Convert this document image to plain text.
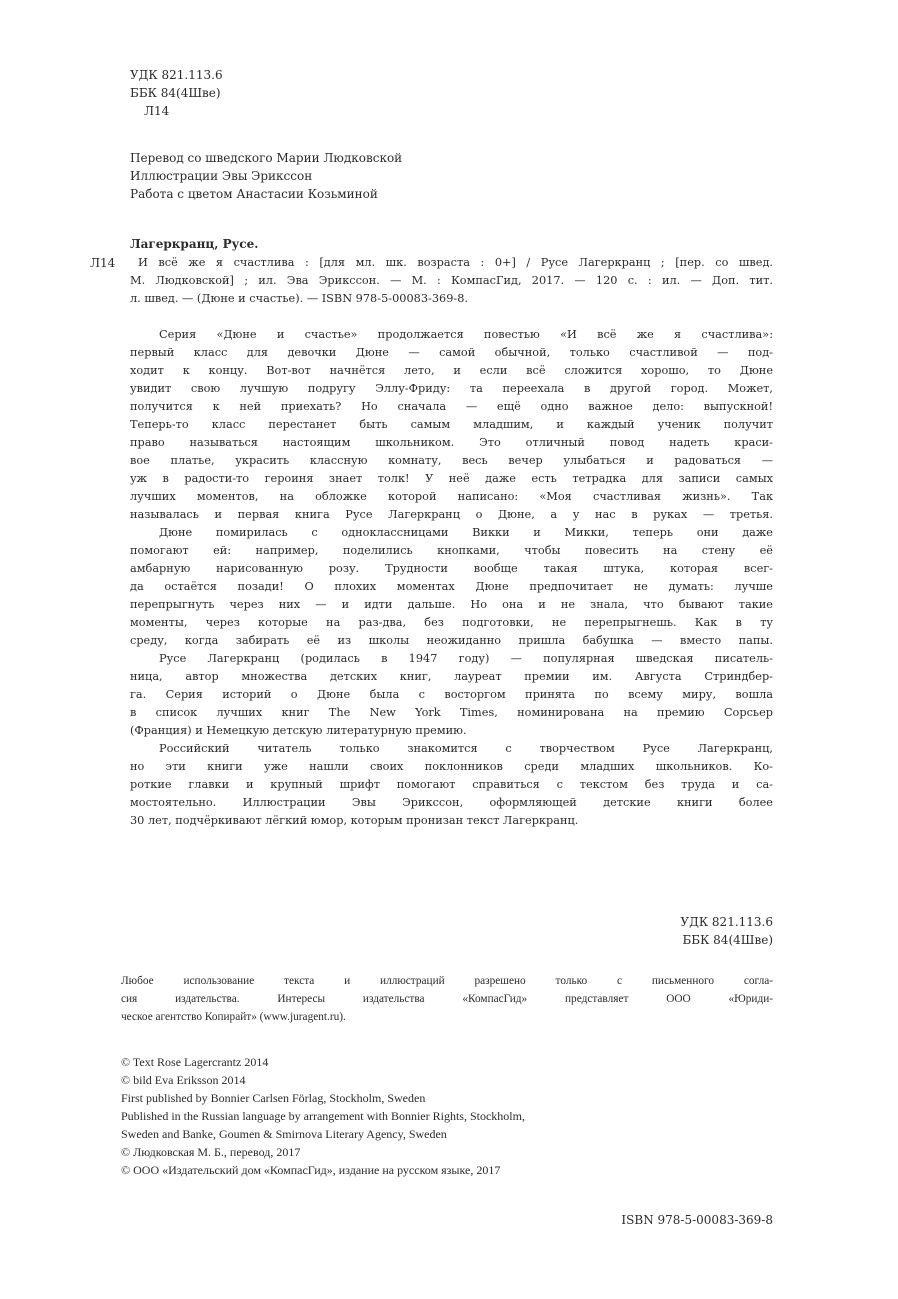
УДК 821.113.6
ББК 84(4Шве)
Л14
Перевод со шведского Марии Людковской
Иллюстрации Эвы Эрикссон
Работа с цветом Анастасии Козьминой
Лагеркранц, Русе.
Л14	И всё же я счастлива : [для мл. шк. возраста : 0+] / Русе Лагеркранц ; [пер. со швед.
М. Людковской] ; ил. Эва Эрикссон. — М. : КомпасГид, 2017. — 120 с. : ил. — Доп. тит.
л. швед. — (Дюне и счастье). — ISBN 978-5-00083-369-8.
Серия «Дюне и счастье» продолжается повестью «И всё же я счастлива»:
первый класс для девочки Дюне — самой обычной, только счастливой — под-
ходит к концу. Вот-вот начнётся лето, и если всё сложится хорошо, то Дюне
увидит свою лучшую подругу Эллу-Фриду: та переехала в другой город. Может,
получится к ней приехать? Но сначала — ещё одно важное дело: выпускной!
Теперь-то класс перестанет быть самым младшим, и каждый ученик получит
право называться настоящим школьником. Это отличный повод надеть краси-
вое платье, украсить классную комнату, весь вечер улыбаться и радоваться —
уж в радости-то героиня знает толк! У неё даже есть тетрадка для записи самых
лучших моментов, на обложке которой написано: «Моя счастливая жизнь». Так
называлась и первая книга Русе Лагеркранц о Дюне, а у нас в руках — третья.
Дюне помирилась с одноклассницами Викки и Микки, теперь они даже
помогают ей: например, поделились кнопками, чтобы повесить на стену её
амбарную нарисованную розу. Трудности вообще такая штука, которая всег-
да остаётся позади! О плохих моментах Дюне предпочитает не думать: лучше
перепрыгнуть через них — и идти дальше. Но она и не знала, что бывают такие
моменты, через которые на раз-два, без подготовки, не перепрыгнешь. Как в ту
среду, когда забирать её из школы неожиданно пришла бабушка — вместо папы.
Русе Лагеркранц (родилась в 1947 году) — популярная шведская писатель-
ница, автор множества детских книг, лауреат премии им. Августа Стриндбер-
га. Серия историй о Дюне была с восторгом принята по всему миру, вошла
в список лучших книг The New York Times, номинирована на премию Сорсьер
(Франция) и Немецкую детскую литературную премию.
Российский читатель только знакомится с творчеством Русе Лагеркранц,
но эти книги уже нашли своих поклонников среди младших школьников. Ко-
роткие главки и крупный шрифт помогают справиться с текстом без труда и са-
мостоятельно. Иллюстрации Эвы Эрикссон, оформляющей детские книги более
30 лет, подчёркивают лёгкий юмор, которым пронизан текст Лагеркранц.
УДК 821.113.6
ББК 84(4Шве)
Любое использование текста и иллюстраций разрешено только с письменного согла-
сия издательства. Интересы издательства «КомпасГид» представляет ООО «Юриди-
ческое агентство Копирайт» (www.juragent.ru).
© Text Rose Lagercrantz 2014
© bild Eva Eriksson 2014
First published by Bonnier Carlsen Förlag, Stockholm, Sweden
Published in the Russian language by arrangement with Bonnier Rights, Stockholm,
Sweden and Banke, Goumen & Smirnova Literary Agency, Sweden
© Людковская М. Б., перевод, 2017
© ООО «Издательский дом «КомпасГид», издание на русском языке, 2017
ISBN 978-5-00083-369-8
